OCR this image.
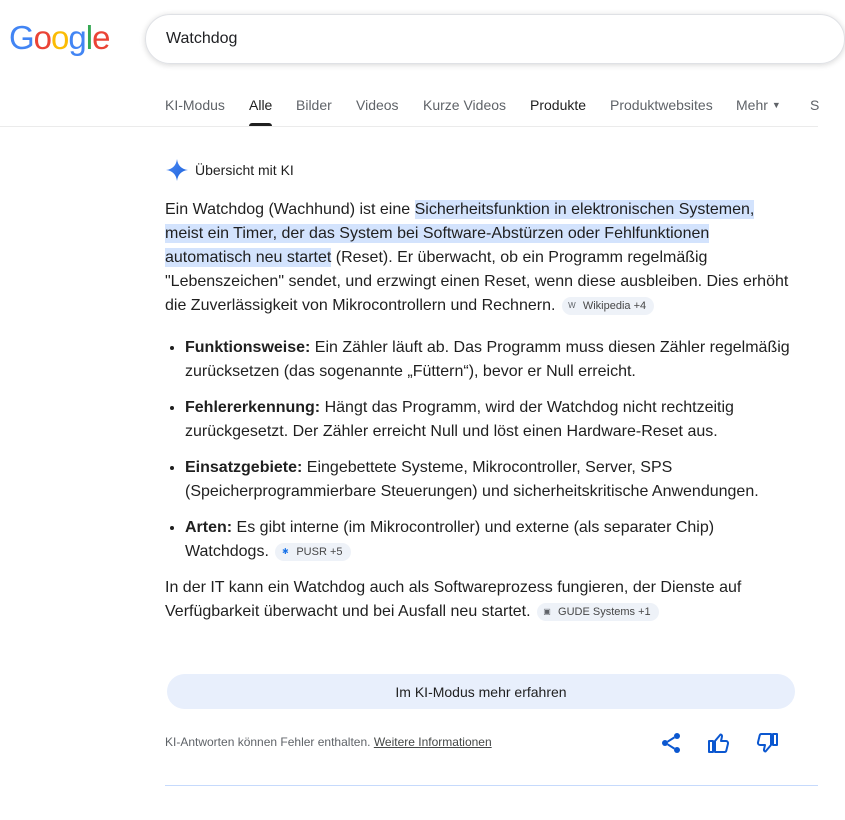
Google
Watchdog
KI-Modus Alle Bilder Videos Kurze Videos Produkte Produktwebsites Mehr ▼ S
Übersicht mit KI

Ein Watchdog (Wachhund) ist eine Sicherheitsfunktion in elektronischen Systemen, meist ein Timer, der das System bei Software-Abstürzen oder Fehlfunktionen automatisch neu startet (Reset). Er überwacht, ob ein Programm regelmäßig "Lebenszeichen" sendet, und erzwingt einen Reset, wenn diese ausbleiben. Dies erhöht die Zuverlässigkeit von Mikrocontrollern und Rechnern. W Wikipedia +4

• Funktionsweise: Ein Zähler läuft ab. Das Programm muss diesen Zähler regelmäßig zurücksetzen (das sogenannte „Füttern“), bevor er Null erreicht.
• Fehlererkennung: Hängt das Programm, wird der Watchdog nicht rechtzeitig zurückgesetzt. Der Zähler erreicht Null und löst einen Hardware-Reset aus.
• Einsatzgebiete: Eingebettete Systeme, Mikrocontroller, Server, SPS (Speicherprogrammierbare Steuerungen) und sicherheitskritische Anwendungen.
• Arten: Es gibt interne (im Mikrocontroller) und externe (als separater Chip) Watchdogs.	✱ PUSR +5

In der IT kann ein Watchdog auch als Softwareprozess fungieren, der Dienste auf Verfügbarkeit überwacht und bei Ausfall neu startet. ▣ GUDE Systems +1

Im KI-Modus mehr erfahren
KI-Antworten können Fehler enthalten. Weitere Informationen
